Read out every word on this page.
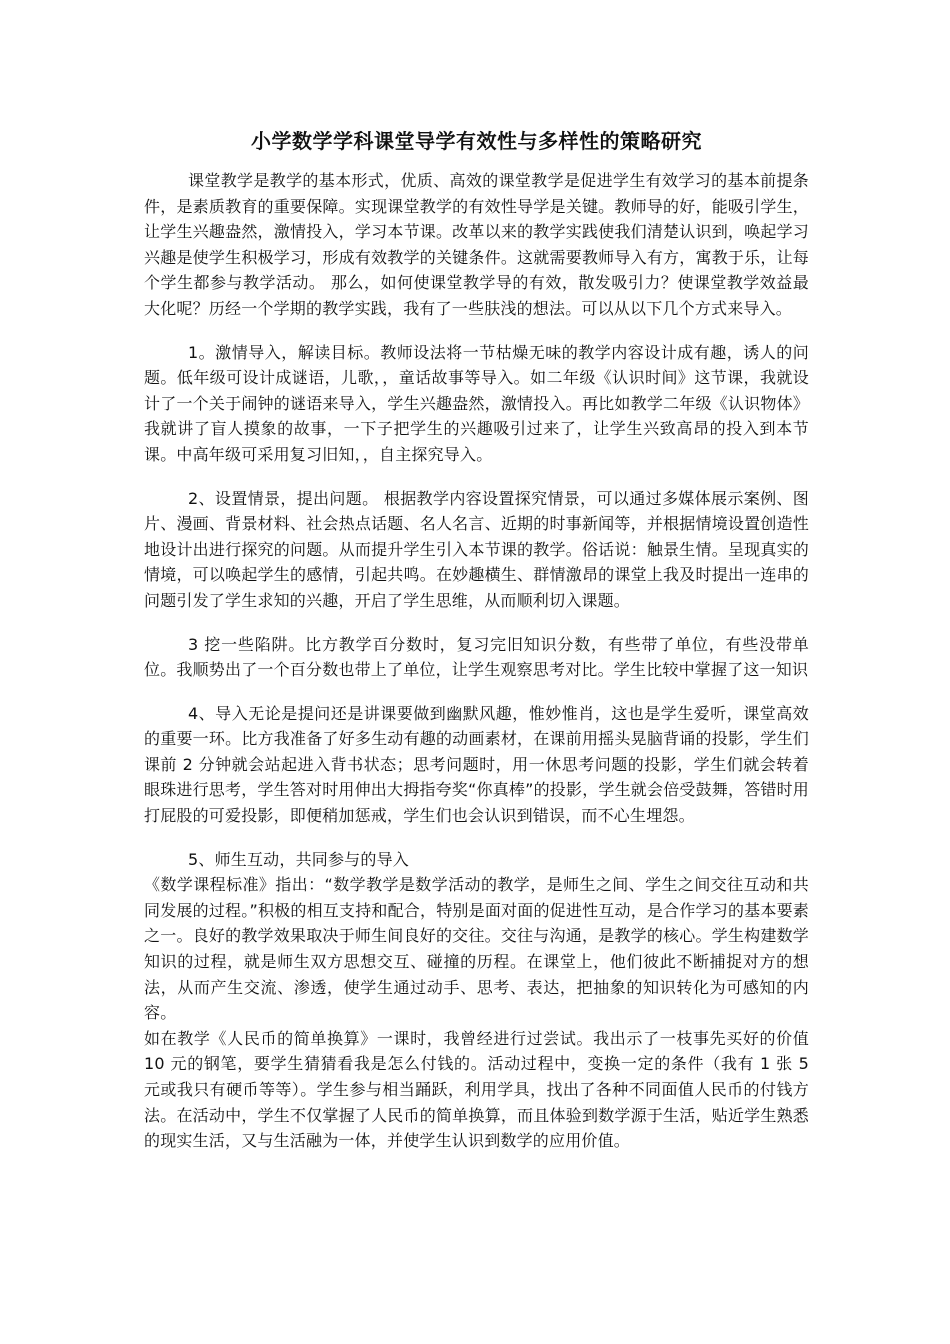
小学数学学科课堂导学有效性与多样性的策略研究

课堂教学是教学的基本形式，优质、高效的课堂教学是促进学生有效学习的基本前提条件，是素质教育的重要保障。实现课堂教学的有效性导学是关键。教师导的好，能吸引学生，让学生兴趣盎然，激情投入，学习本节课。改革以来的教学实践使我们清楚认识到，唤起学习兴趣是使学生积极学习，形成有效教学的关键条件。这就需要教师导入有方，寓教于乐，让每个学生都参与教学活动。 那么，如何使课堂教学导的有效，散发吸引力？使课堂教学效益最大化呢？历经一个学期的教学实践，我有了一些肤浅的想法。可以从以下几个方式来导入。

1。激情导入，解读目标。教师设法将一节枯燥无味的教学内容设计成有趣，诱人的问题。低年级可设计成谜语，儿歌，，童话故事等导入。如二年级《认识时间》这节课，我就设计了一个关于闹钟的谜语来导入，学生兴趣盎然，激情投入。再比如教学二年级《认识物体》我就讲了盲人摸象的故事，一下子把学生的兴趣吸引过来了，让学生兴致高昂的投入到本节课。中高年级可采用复习旧知，，自主探究导入。

2、设置情景，提出问题。 根据教学内容设置探究情景，可以通过多媒体展示案例、图片、漫画、背景材料、社会热点话题、名人名言、近期的时事新闻等，并根据情境设置创造性地设计出进行探究的问题。从而提升学生引入本节课的教学。俗话说：触景生情。呈现真实的情境，可以唤起学生的感情，引起共鸣。在妙趣横生、群情激昂的课堂上我及时提出一连串的问题引发了学生求知的兴趣，开启了学生思维，从而顺利切入课题。

3 挖一些陷阱。比方教学百分数时，复习完旧知识分数，有些带了单位，有些没带单位。我顺势出了一个百分数也带上了单位，让学生观察思考对比。学生比较中掌握了这一知识

4、导入无论是提问还是讲课要做到幽默风趣，惟妙惟肖，这也是学生爱听，课堂高效的重要一环。比方我准备了好多生动有趣的动画素材，在课前用摇头晃脑背诵的投影，学生们课前 2 分钟就会站起进入背书状态；思考问题时，用一休思考问题的投影，学生们就会转着眼珠进行思考，学生答对时用伸出大拇指夸奖“你真棒”的投影，学生就会倍受鼓舞，答错时用打屁股的可爱投影，即便稍加惩戒，学生们也会认识到错误，而不心生埋怨。

5、师生互动，共同参与的导入

《数学课程标准》指出：“数学教学是数学活动的教学，是师生之间、学生之间交往互动和共同发展的过程。”积极的相互支持和配合，特别是面对面的促进性互动，是合作学习的基本要素之一。良好的教学效果取决于师生间良好的交往。交往与沟通，是教学的核心。学生构建数学知识的过程，就是师生双方思想交互、碰撞的历程。在课堂上，他们彼此不断捕捉对方的想法，从而产生交流、渗透，使学生通过动手、思考、表达，把抽象的知识转化为可感知的内容。

如在教学《人民币的简单换算》一课时，我曾经进行过尝试。我出示了一枝事先买好的价值 10 元的钢笔，要学生猜猜看我是怎么付钱的。活动过程中，变换一定的条件（我有 1 张 5 元或我只有硬币等等）。学生参与相当踊跃，利用学具，找出了各种不同面值人民币的付钱方法。在活动中，学生不仅掌握了人民币的简单换算，而且体验到数学源于生活，贴近学生熟悉的现实生活，又与生活融为一体，并使学生认识到数学的应用价值。
